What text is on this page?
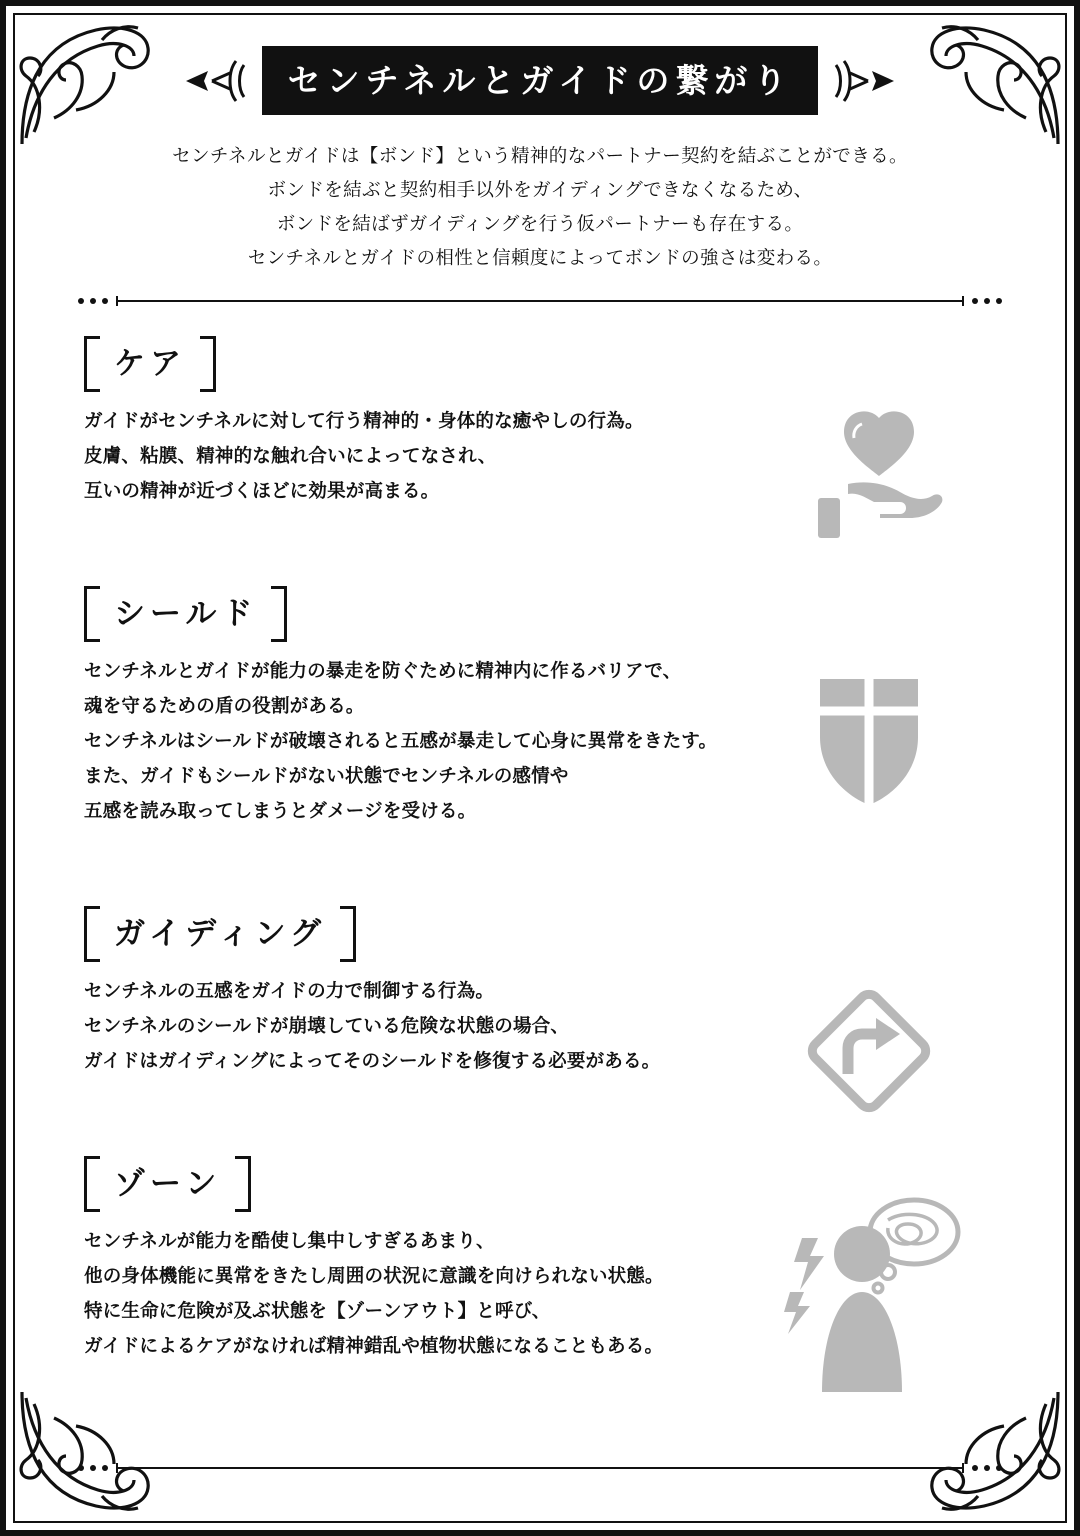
センチネルとガイドの繋がり
センチネルとガイドは【ボンド】という精神的なパートナー契約を結ぶことができる。
ボンドを結ぶと契約相手以外をガイディングできなくなるため、
ボンドを結ばずガイディングを行う仮パートナーも存在する。
センチネルとガイドの相性と信頼度によってボンドの強さは変わる。
ケア
ガイドがセンチネルに対して行う精神的・身体的な癒やしの行為。
皮膚、粘膜、精神的な触れ合いによってなされ、
互いの精神が近づくほどに効果が高まる。
シールド
センチネルとガイドが能力の暴走を防ぐために精神内に作るバリアで、
魂を守るための盾の役割がある。
センチネルはシールドが破壊されると五感が暴走して心身に異常をきたす。
また、ガイドもシールドがない状態でセンチネルの感情や
五感を読み取ってしまうとダメージを受ける。
ガイディング
センチネルの五感をガイドの力で制御する行為。
センチネルのシールドが崩壊している危険な状態の場合、
ガイドはガイディングによってそのシールドを修復する必要がある。
ゾーン
センチネルが能力を酷使し集中しすぎるあまり、
他の身体機能に異常をきたし周囲の状況に意識を向けられない状態。
特に生命に危険が及ぶ状態を【ゾーンアウト】と呼び、
ガイドによるケアがなければ精神錯乱や植物状態になることもある。
